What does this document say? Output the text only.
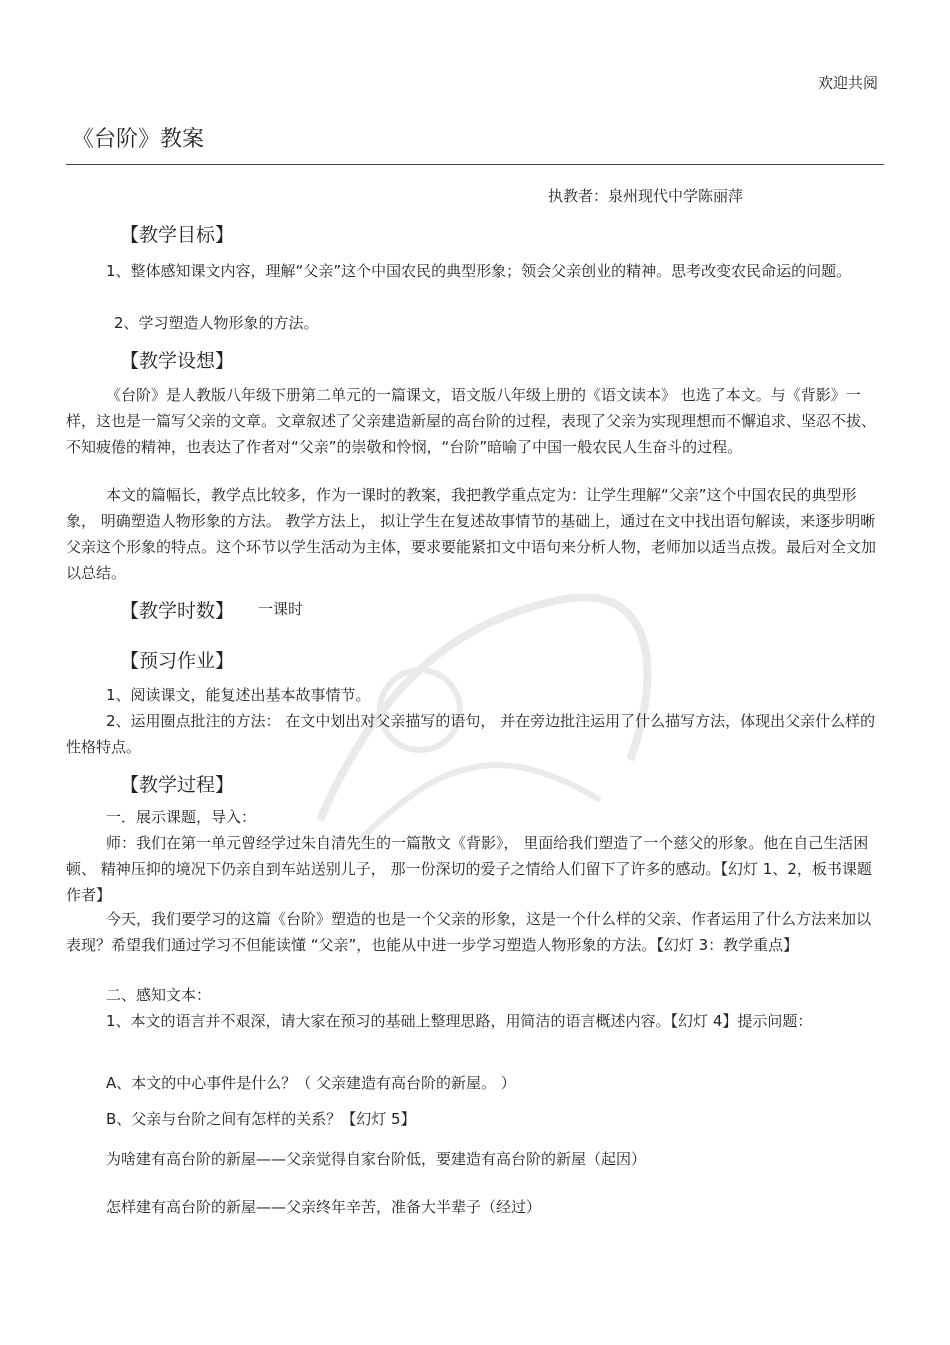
欢迎共阅
《台阶》教案
执教者：泉州现代中学陈丽萍
【教学目标】

1、整体感知课文内容，理解“父亲”这个中国农民的典型形象；领会父亲创业的精神。思考改变农民命运的问题。

2、学习塑造人物形象的方法。
【教学设想】

《台阶》是人教版八年级下册第二单元的一篇课文，语文版八年级上册的《语文读本》 也选了本文。与《背影》一样，这也是一篇写父亲的文章。文章叙述了父亲建造新屋的高台阶的过程，表现了父亲为实现理想而不懈追求、坚忍不拔、不知疲倦的精神，也表达了作者对“父亲”的崇敬和怜悯，“台阶”暗喻了中国一般农民人生奋斗的过程。

本文的篇幅长，教学点比较多，作为一课时的教案，我把教学重点定为：让学生理解“父亲”这个中国农民的典型形象， 明确塑造人物形象的方法。 教学方法上， 拟让学生在复述故事情节的基础上，通过在文中找出语句解读，来逐步明晰父亲这个形象的特点。这个环节以学生活动为主体，要求要能紧扣文中语句来分析人物，老师加以适当点拨。最后对全文加以总结。

【教学时数】 一课时
【预习作业】
1、阅读课文，能复述出基本故事情节。

2、运用圈点批注的方法： 在文中划出对父亲描写的语句， 并在旁边批注运用了什么描写方法，体现出父亲什么样的性格特点。

【教学过程】
一．展示课题，导入：

师：我们在第一单元曾经学过朱自清先生的一篇散文《背影》， 里面给我们塑造了一个慈父的形象。他在自己生活困顿、 精神压抑的境况下仍亲自到车站送别儿子， 那一份深切的爱子之情给人们留下了许多的感动。【幻灯 1、2，板书课题作者】

今天，我们要学习的这篇《台阶》塑造的也是一个父亲的形象，这是一个什么样的父亲、作者运用了什么方法来加以表现？希望我们通过学习不但能读懂 “父亲”，也能从中进一步学习塑造人物形象的方法。【幻灯 3：教学重点】

二、感知文本：

1、本文的语言并不艰深，请大家在预习的基础上整理思路，用简洁的语言概述内容。【幻灯 4】提示问题：

A、本文的中心事件是什么？（ 父亲建造有高台阶的新屋。 ）
B、父亲与台阶之间有怎样的关系？【幻灯 5】
为啥建有高台阶的新屋——父亲觉得自家台阶低，要建造有高台阶的新屋（起因）
怎样建有高台阶的新屋——父亲终年辛苦，准备大半辈子（经过）
